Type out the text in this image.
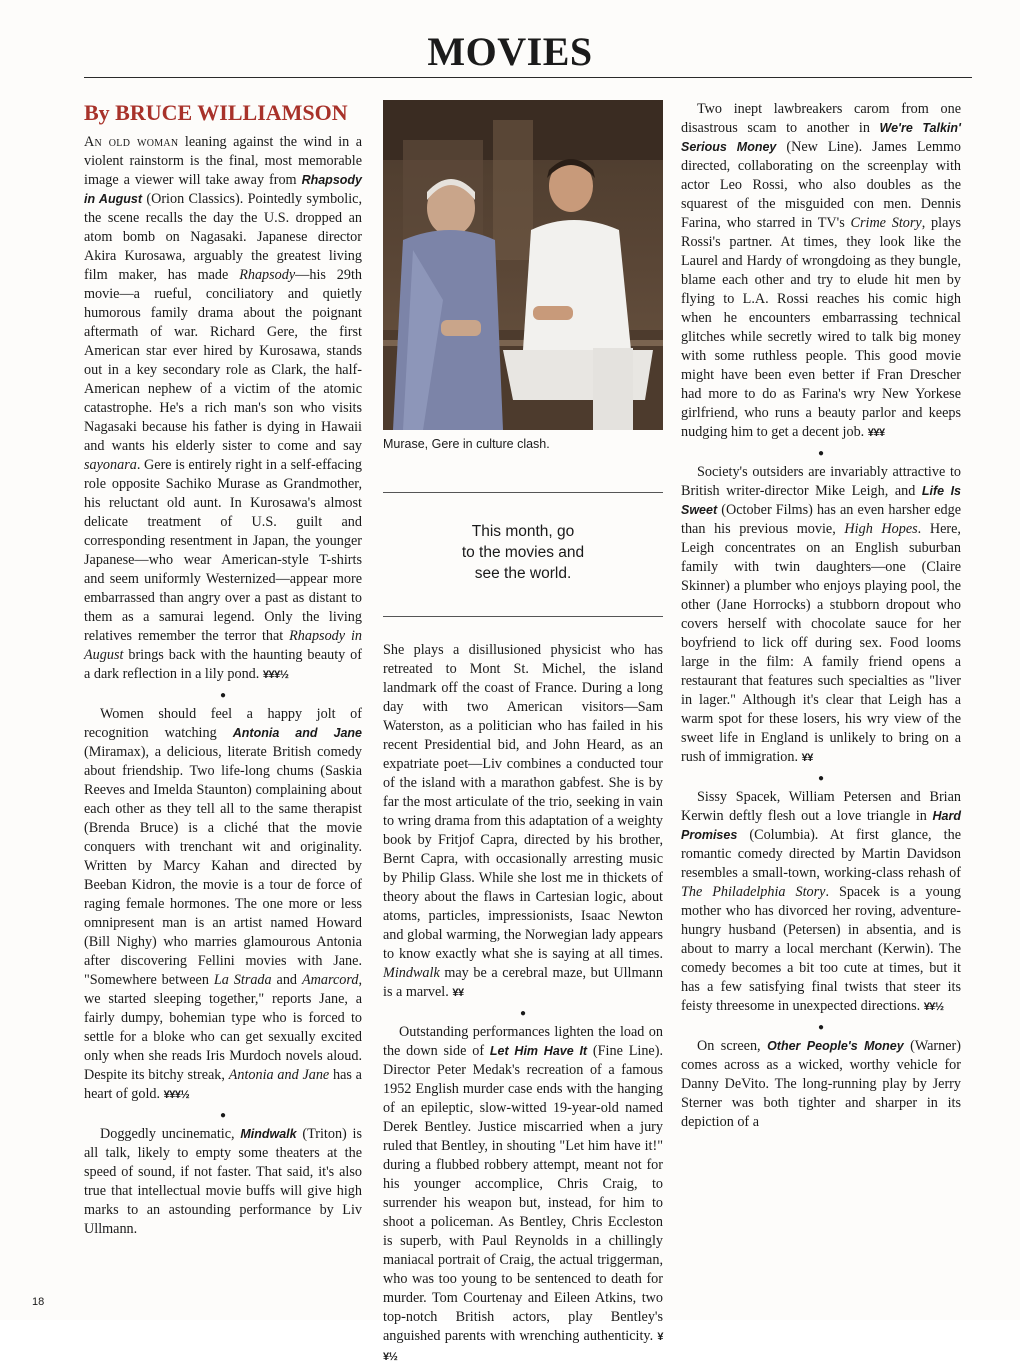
MOVIES
By BRUCE WILLIAMSON

An old woman leaning against the wind in a violent rainstorm is the final, most memorable image a viewer will take away from Rhapsody in August (Orion Classics). Pointedly symbolic, the scene recalls the day the U.S. dropped an atom bomb on Nagasaki. Japanese director Akira Kurosawa, arguably the greatest living film maker, has made Rhapsody—his 29th movie—a rueful, conciliatory and quietly humorous family drama about the poignant aftermath of war. Richard Gere, the first American star ever hired by Kurosawa, stands out in a key secondary role as Clark, the half-American nephew of a victim of the atomic catastrophe. He's a rich man's son who visits Nagasaki because his father is dying in Hawaii and wants his elderly sister to come and say sayonara. Gere is entirely right in a self-effacing role opposite Sachiko Murase as Grandmother, his reluctant old aunt. In Kurosawa's almost delicate treatment of U.S. guilt and corresponding resentment in Japan, the younger Japanese—who wear American-style T-shirts and seem uniformly Westernized—appear more embarrassed than angry over a past as distant to them as a samurai legend. Only the living relatives remember the terror that Rhapsody in August brings back with the haunting beauty of a dark reflection in a lily pond. ¥¥¥½

●

Women should feel a happy jolt of recognition watching Antonia and Jane (Miramax), a delicious, literate British comedy about friendship. Two life-long chums (Saskia Reeves and Imelda Staunton) complaining about each other as they tell all to the same therapist (Brenda Bruce) is a cliché that the movie conquers with trenchant wit and originality. Written by Marcy Kahan and directed by Beeban Kidron, the movie is a tour de force of raging female hormones. The one more or less omnipresent man is an artist named Howard (Bill Nighy) who marries glamourous Antonia after discovering Fellini movies with Jane. "Somewhere between La Strada and Amarcord, we started sleeping together," reports Jane, a fairly dumpy, bohemian type who is forced to settle for a bloke who can get sexually excited only when she reads Iris Murdoch novels aloud. Despite its bitchy streak, Antonia and Jane has a heart of gold. ¥¥¥½

●

Doggedly uncinematic, Mindwalk (Triton) is all talk, likely to empty some theaters at the speed of sound, if not faster. That said, it's also true that intellectual movie buffs will give high marks to an astounding performance by Liv Ullmann.

Murase, Gere in culture clash.

This month, go
to the movies and
see the world.

She plays a disillusioned physicist who has retreated to Mont St. Michel, the island landmark off the coast of France. During a long day with two American visitors—Sam Waterston, as a politician who has failed in his recent Presidential bid, and John Heard, as an expatriate poet—Liv combines a conducted tour of the island with a marathon gabfest. She is by far the most articulate of the trio, seeking in vain to wring drama from this adaptation of a weighty book by Fritjof Capra, directed by his brother, Bernt Capra, with occasionally arresting music by Philip Glass. While she lost me in thickets of theory about the flaws in Cartesian logic, about atoms, particles, impressionists, Isaac Newton and global warming, the Norwegian lady appears to know exactly what she is saying at all times. Mindwalk may be a cerebral maze, but Ullmann is a marvel. ¥¥

●

Outstanding performances lighten the load on the down side of Let Him Have It (Fine Line). Director Peter Medak's recreation of a famous 1952 English murder case ends with the hanging of an epileptic, slow-witted 19-year-old named Derek Bentley. Justice miscarried when a jury ruled that Bentley, in shouting "Let him have it!" during a flubbed robbery attempt, meant not for his younger accomplice, Chris Craig, to surrender his weapon but, instead, for him to shoot a policeman. As Bentley, Chris Eccleston is superb, with Paul Reynolds in a chillingly maniacal portrait of Craig, the actual triggerman, who was too young to be sentenced to death for murder. Tom Courtenay and Eileen Atkins, two top-notch British actors, play Bentley's anguished parents with wrenching authenticity. ¥¥½

Two inept lawbreakers carom from one disastrous scam to another in We're Talkin' Serious Money (New Line). James Lemmo directed, collaborating on the screenplay with actor Leo Rossi, who also doubles as the squarest of the misguided con men. Dennis Farina, who starred in TV's Crime Story, plays Rossi's partner. At times, they look like the Laurel and Hardy of wrongdoing as they bungle, blame each other and try to elude hit men by flying to L.A. Rossi reaches his comic high when he encounters embarrassing technical glitches while secretly wired to talk big money with some ruthless people. This good movie might have been even better if Fran Drescher had more to do as Farina's wry New Yorkese girlfriend, who runs a beauty parlor and keeps nudging him to get a decent job. ¥¥¥

●

Society's outsiders are invariably attractive to British writer-director Mike Leigh, and Life Is Sweet (October Films) has an even harsher edge than his previous movie, High Hopes. Here, Leigh concentrates on an English suburban family with twin daughters—one (Claire Skinner) a plumber who enjoys playing pool, the other (Jane Horrocks) a stubborn dropout who covers herself with chocolate sauce for her boyfriend to lick off during sex. Food looms large in the film: A family friend opens a restaurant that features such specialties as "liver in lager." Although it's clear that Leigh has a warm spot for these losers, his wry view of the sweet life in England is unlikely to bring on a rush of immigration. ¥¥

●

Sissy Spacek, William Petersen and Brian Kerwin deftly flesh out a love triangle in Hard Promises (Columbia). At first glance, the romantic comedy directed by Martin Davidson resembles a small-town, working-class rehash of The Philadelphia Story. Spacek is a young mother who has divorced her roving, adventure-hungry husband (Petersen) in absentia, and is about to marry a local merchant (Kerwin). The comedy becomes a bit too cute at times, but it has a few satisfying final twists that steer its feisty threesome in unexpected directions. ¥¥½

●

On screen, Other People's Money (Warner) comes across as a wicked, worthy vehicle for Danny DeVito. The long-running play by Jerry Sterner was both tighter and sharper in its depiction of a

18
